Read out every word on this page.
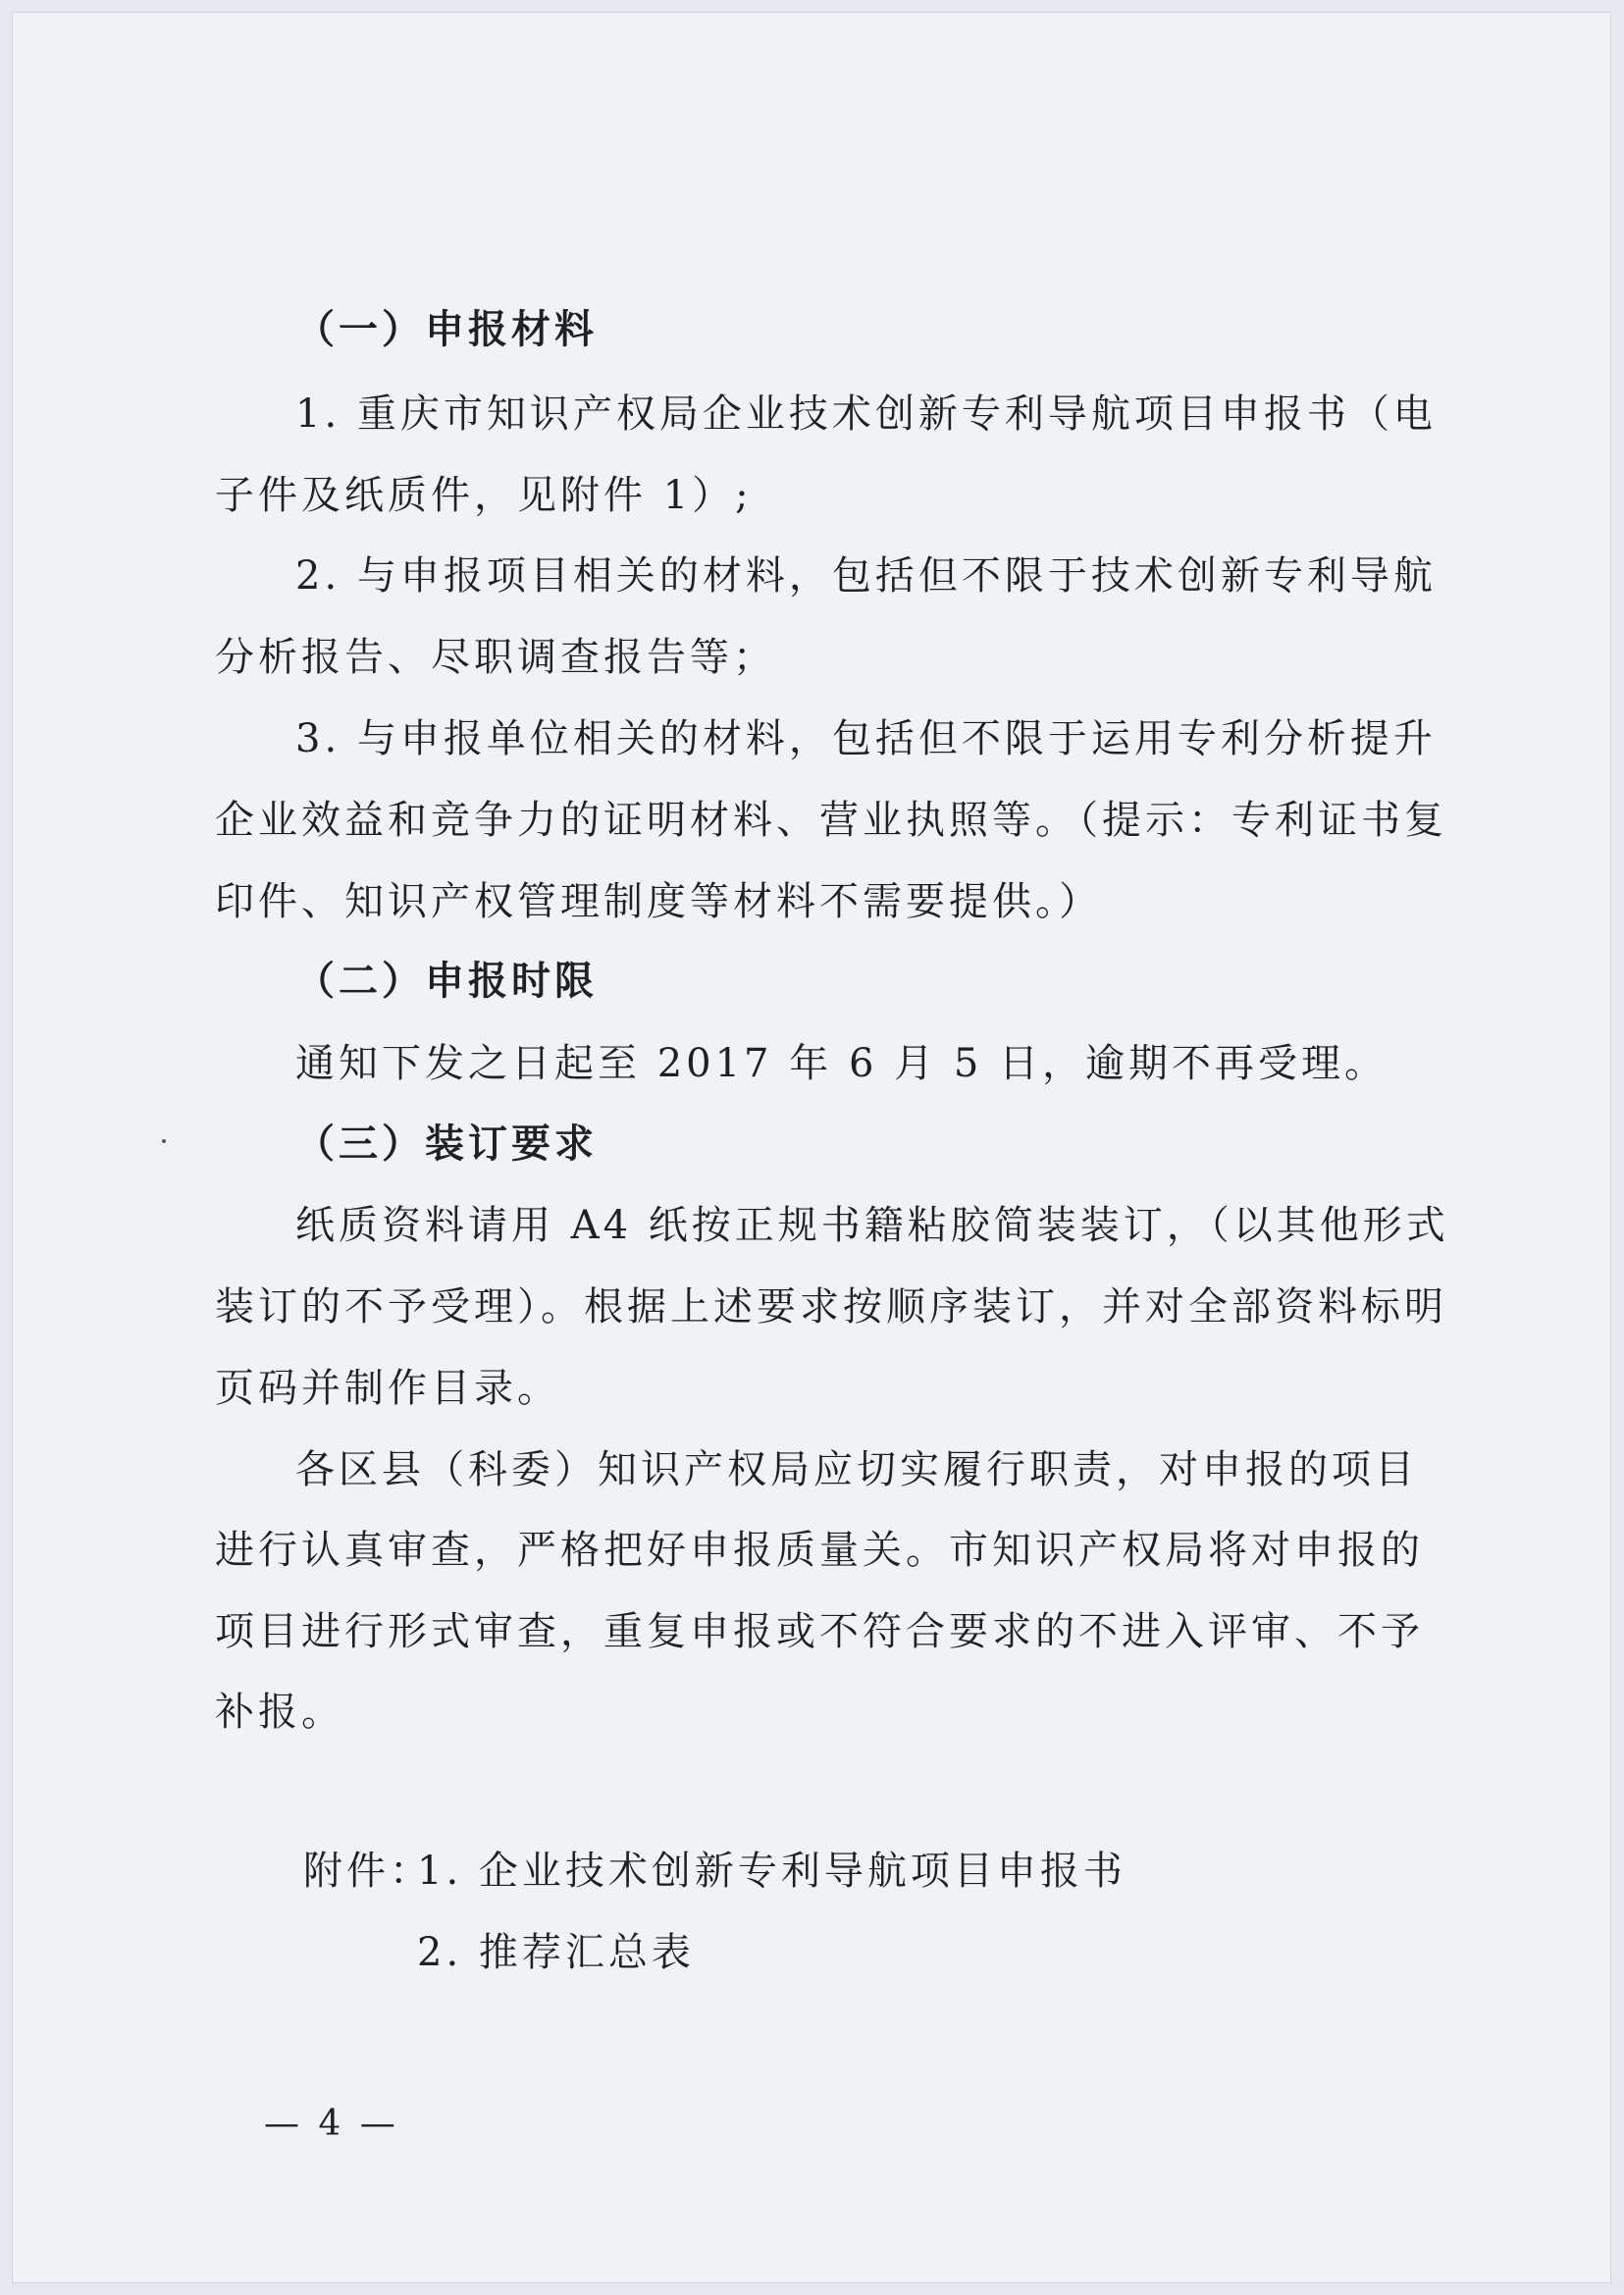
（一）申报材料

1. 重庆市知识产权局企业技术创新专利导航项目申报书（电

子件及纸质件，见附件 1）;

2. 与申报项目相关的材料，包括但不限于技术创新专利导航

分析报告、尽职调查报告等；

3. 与申报单位相关的材料，包括但不限于运用专利分析提升

企业效益和竞争力的证明材料、营业执照等。（提示：专利证书复

印件、知识产权管理制度等材料不需要提供。）

（二）申报时限

通知下发之日起至 2017 年 6 月 5 日，逾期不再受理。

（三）装订要求

纸质资料请用 A4 纸按正规书籍粘胶简装装订，（以其他形式

装订的不予受理）。根据上述要求按顺序装订，并对全部资料标明

页码并制作目录。

各区县（科委）知识产权局应切实履行职责，对申报的项目

进行认真审查，严格把好申报质量关。市知识产权局将对申报的

项目进行形式审查，重复申报或不符合要求的不进入评审、不予

补报。

附件：

1. 企业技术创新专利导航项目申报书

2. 推荐汇总表

— 4 —
